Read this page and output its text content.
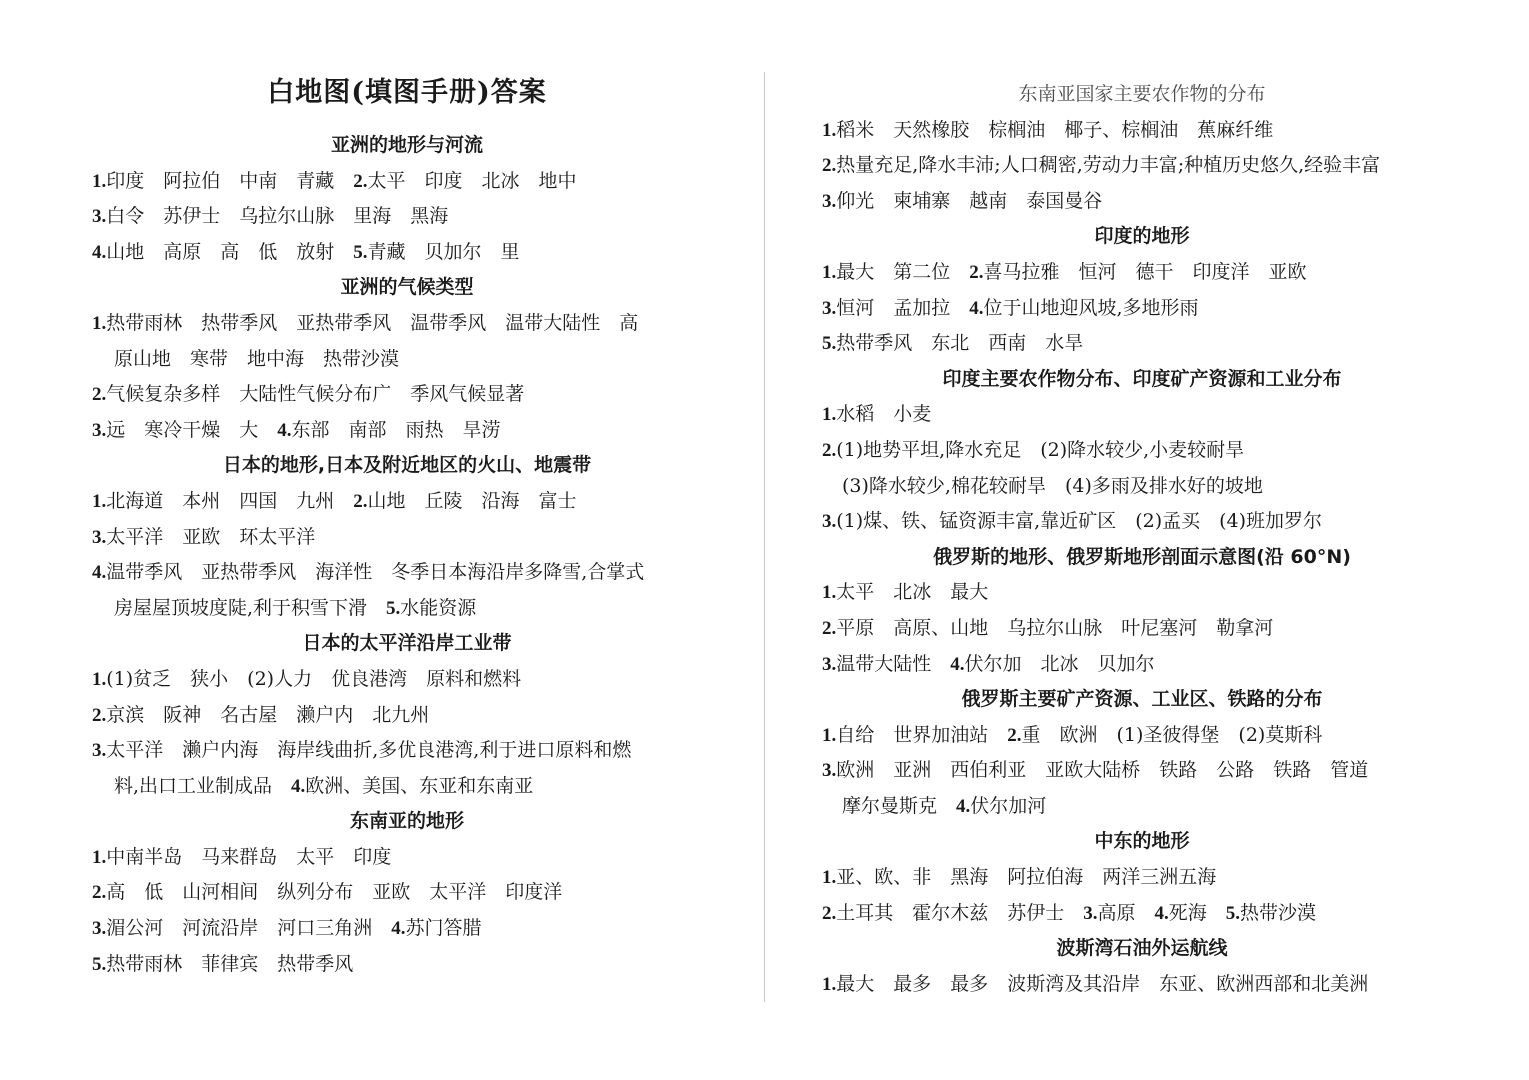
白地图(填图手册)答案
亚洲的地形与河流
1.印度　阿拉伯　中南　青藏　2.太平　印度　北冰　地中
3.白令　苏伊士　乌拉尔山脉　里海　黑海
4.山地　高原　高　低　放射　5.青藏　贝加尔　里
亚洲的气候类型
1.热带雨林　热带季风　亚热带季风　温带季风　温带大陆性　高
原山地　寒带　地中海　热带沙漠
2.气候复杂多样　大陆性气候分布广　季风气候显著
3.远　寒冷干燥　大　4.东部　南部　雨热　旱涝
日本的地形,日本及附近地区的火山、地震带
1.北海道　本州　四国　九州　2.山地　丘陵　沿海　富士
3.太平洋　亚欧　环太平洋
4.温带季风　亚热带季风　海洋性　冬季日本海沿岸多降雪,合掌式
房屋屋顶坡度陡,利于积雪下滑　5.水能资源
日本的太平洋沿岸工业带
1.(1)贫乏　狭小　(2)人力　优良港湾　原料和燃料
2.京滨　阪神　名古屋　濑户内　北九州
3.太平洋　濑户内海　海岸线曲折,多优良港湾,利于进口原料和燃
料,出口工业制成品　4.欧洲、美国、东亚和东南亚
东南亚的地形
1.中南半岛　马来群岛　太平　印度
2.高　低　山河相间　纵列分布　亚欧　太平洋　印度洋
3.湄公河　河流沿岸　河口三角洲　4.苏门答腊
5.热带雨林　菲律宾　热带季风
东南亚国家主要农作物的分布
1.稻米　天然橡胶　棕榈油　椰子、棕榈油　蕉麻纤维
2.热量充足,降水丰沛;人口稠密,劳动力丰富;种植历史悠久,经验丰富
3.仰光　柬埔寨　越南　泰国曼谷
印度的地形
1.最大　第二位　2.喜马拉雅　恒河　德干　印度洋　亚欧
3.恒河　孟加拉　4.位于山地迎风坡,多地形雨
5.热带季风　东北　西南　水旱
印度主要农作物分布、印度矿产资源和工业分布
1.水稻　小麦
2.(1)地势平坦,降水充足　(2)降水较少,小麦较耐旱
(3)降水较少,棉花较耐旱　(4)多雨及排水好的坡地
3.(1)煤、铁、锰资源丰富,靠近矿区　(2)孟买　(4)班加罗尔
俄罗斯的地形、俄罗斯地形剖面示意图(沿 60°N)
1.太平　北冰　最大
2.平原　高原、山地　乌拉尔山脉　叶尼塞河　勒拿河
3.温带大陆性　4.伏尔加　北冰　贝加尔
俄罗斯主要矿产资源、工业区、铁路的分布
1.自给　世界加油站　2.重　欧洲　(1)圣彼得堡　(2)莫斯科
3.欧洲　亚洲　西伯利亚　亚欧大陆桥　铁路　公路　铁路　管道
摩尔曼斯克　4.伏尔加河
中东的地形
1.亚、欧、非　黑海　阿拉伯海　两洋三洲五海
2.土耳其　霍尔木兹　苏伊士　3.高原　4.死海　5.热带沙漠
波斯湾石油外运航线
1.最大　最多　最多　波斯湾及其沿岸　东亚、欧洲西部和北美洲
